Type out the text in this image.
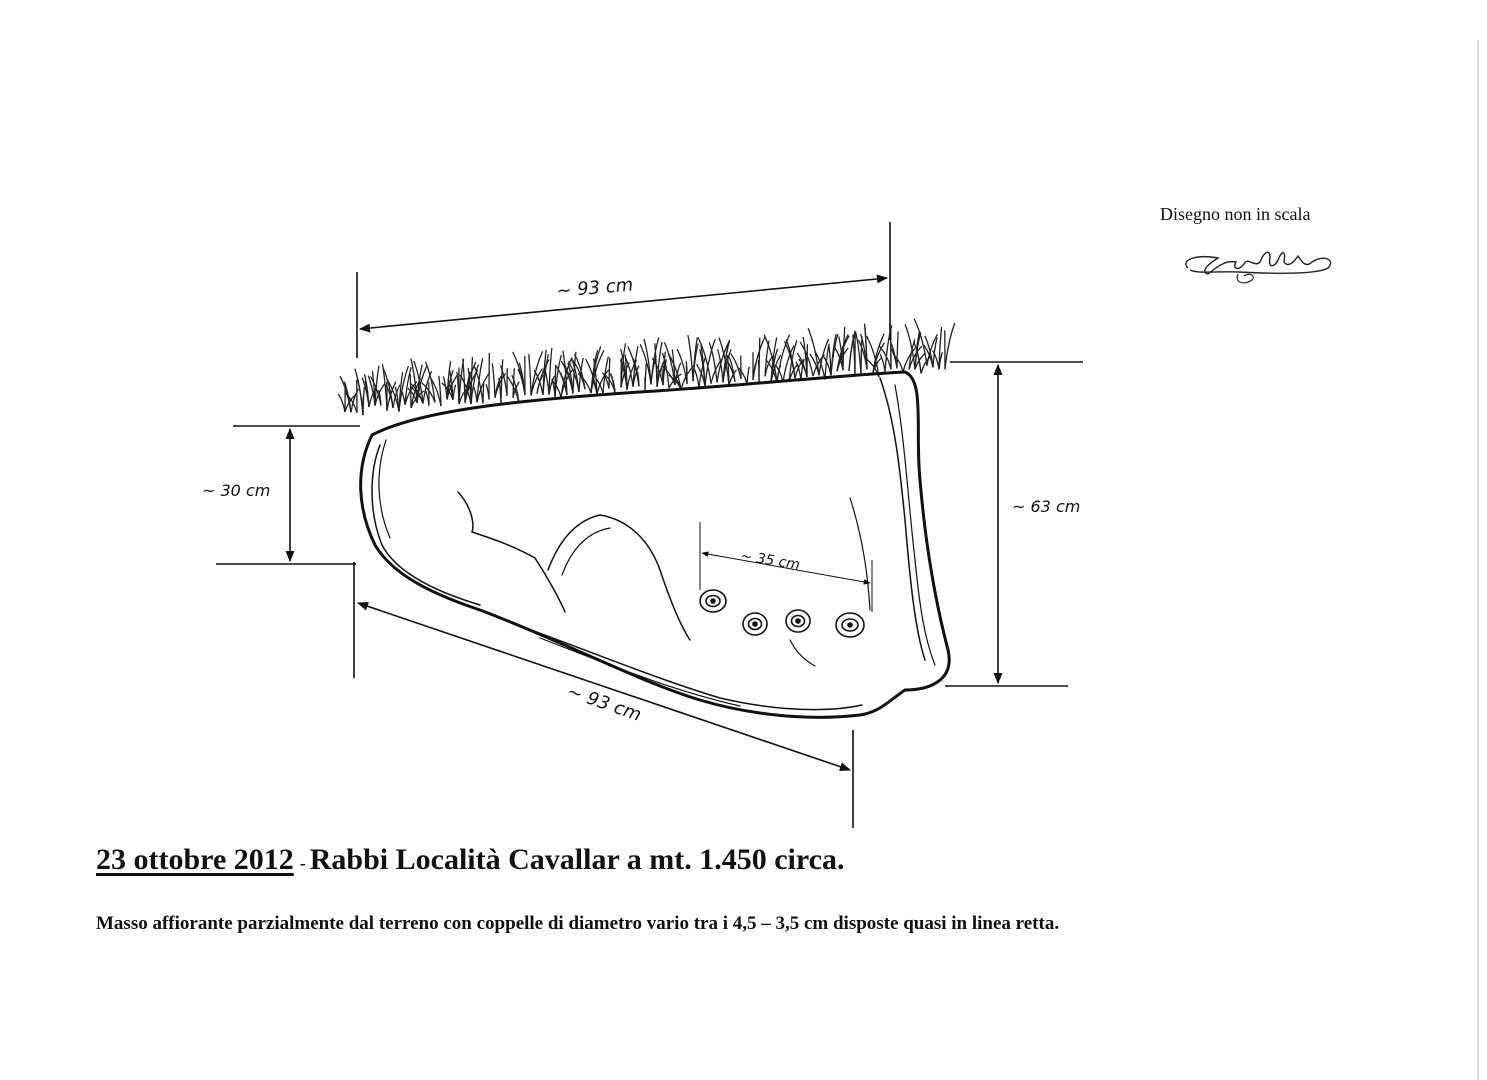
~ 93 cm
~ 93 cm
~ 30 cm
~ 63 cm
~ 35 cm
Disegno non in scala
23 ottobre 2012 - Rabbi Località Cavallar a mt. 1.450 circa.
Masso affiorante parzialmente dal terreno con coppelle di diametro vario tra i 4,5 – 3,5 cm disposte quasi in linea retta.
